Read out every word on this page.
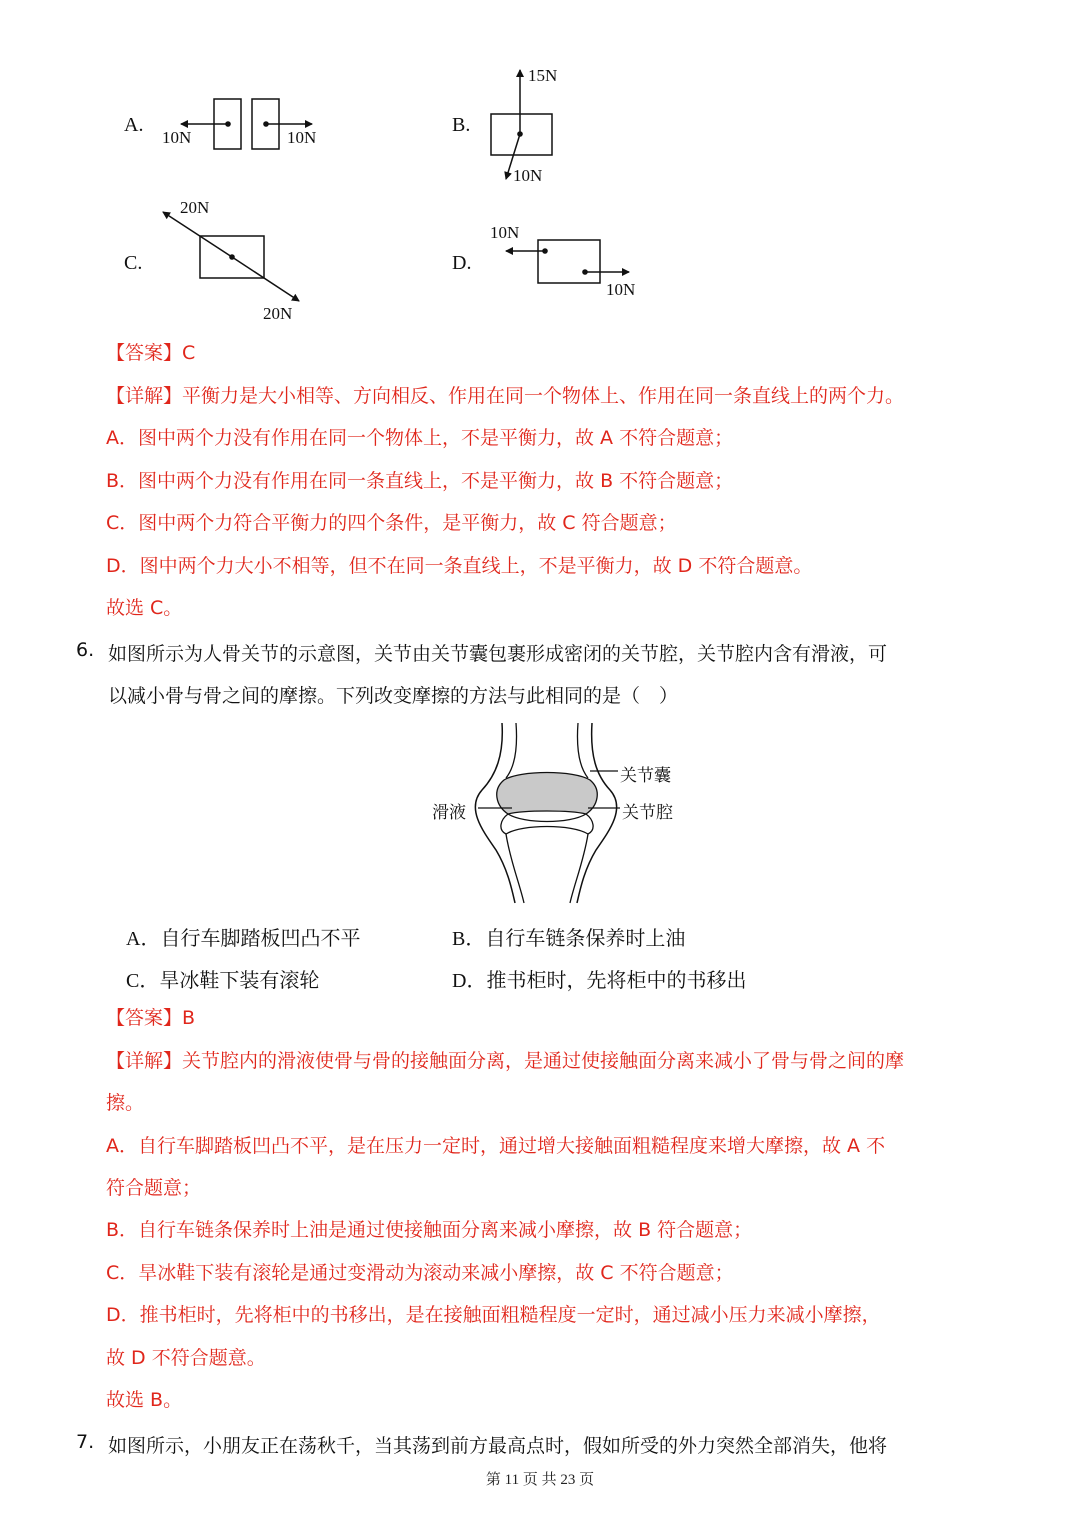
A.	B.
C.	D.
10N	10N
15N
10N
20N
20N
10N
10N
【答案】C
【详解】平衡力是大小相等、方向相反、作用在同一个物体上、作用在同一条直线上的两个力。
A．图中两个力没有作用在同一个物体上，不是平衡力，故 A 不符合题意；
B．图中两个力没有作用在同一条直线上，不是平衡力，故 B 不符合题意；
C．图中两个力符合平衡力的四个条件，是平衡力，故 C 符合题意；
D．图中两个力大小不相等，但不在同一条直线上，不是平衡力，故 D 不符合题意。
故选 C。
6. 如图所示为人骨关节的示意图，关节由关节囊包裹形成密闭的关节腔，关节腔内含有滑液，可
以减小骨与骨之间的摩擦。下列改变摩擦的方法与此相同的是（　）
关节囊
滑液	关节腔
A．自行车脚踏板凹凸不平	B．自行车链条保养时上油
C．旱冰鞋下装有滚轮	D．推书柜时，先将柜中的书移出
【答案】B
【详解】关节腔内的滑液使骨与骨的接触面分离，是通过使接触面分离来减小了骨与骨之间的摩
擦。
A．自行车脚踏板凹凸不平，是在压力一定时，通过增大接触面粗糙程度来增大摩擦，故 A 不
符合题意；
B．自行车链条保养时上油是通过使接触面分离来减小摩擦，故 B 符合题意；
C．旱冰鞋下装有滚轮是通过变滑动为滚动来减小摩擦，故 C 不符合题意；
D．推书柜时，先将柜中的书移出，是在接触面粗糙程度一定时，通过减小压力来减小摩擦，
故 D 不符合题意。
故选 B。
7. 如图所示，小朋友正在荡秋千，当其荡到前方最高点时，假如所受的外力突然全部消失，他将
第 11 页 共 23 页
